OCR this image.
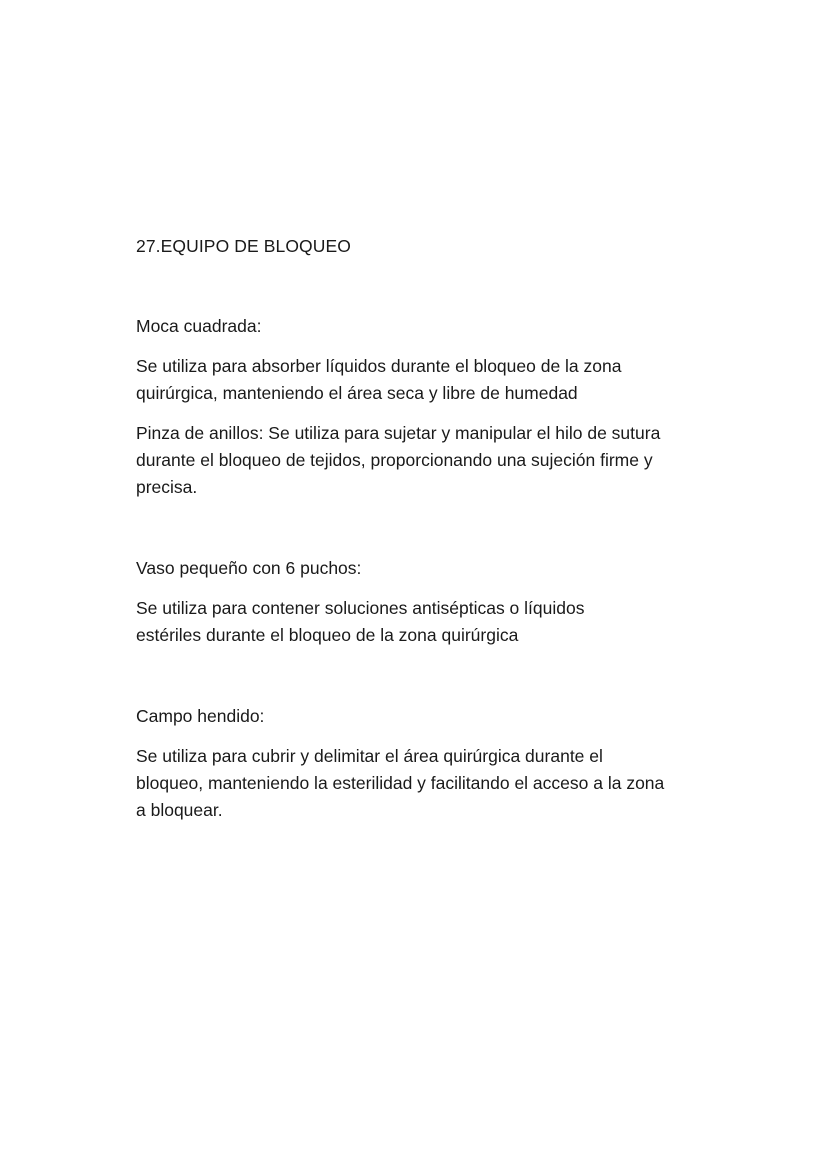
27.EQUIPO DE BLOQUEO

Moca cuadrada:

Se utiliza para absorber líquidos durante el bloqueo de la zona quirúrgica, manteniendo el área seca y libre de humedad

Pinza de anillos: Se utiliza para sujetar y manipular el hilo de sutura durante el bloqueo de tejidos, proporcionando una sujeción firme y precisa.

Vaso pequeño con 6 puchos:

Se utiliza para contener soluciones antisépticas o líquidos estériles durante el bloqueo de la zona quirúrgica

Campo hendido:

Se utiliza para cubrir y delimitar el área quirúrgica durante el bloqueo, manteniendo la esterilidad y facilitando el acceso a la zona a bloquear.
